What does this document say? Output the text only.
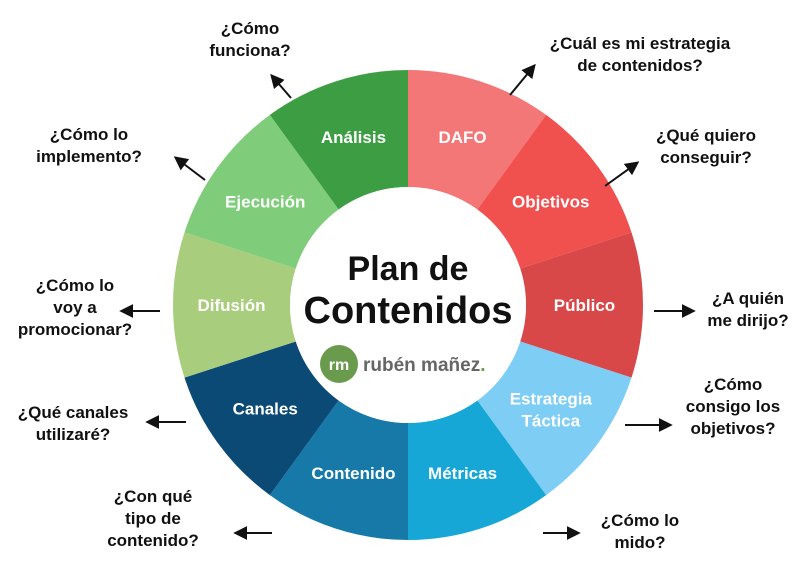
DAFO
Objetivos
Público
Estrategia Táctica
Métricas
Contenido
Canales
Difusión
Ejecución
Análisis
Plan de
Contenidos
rm rubén mañez.
¿Cómo
funciona?	¿Cuál es mi estrategia
de contenidos?
¿Qué quiero
conseguir?
¿A quién
me dirijo?
¿Cómo
consigo los
objetivos?
¿Cómo lo
mido?
¿Con qué
tipo de
contenido?
¿Qué canales
utilizaré?
¿Cómo lo
voy a
promocionar?
¿Cómo lo
implemento?
